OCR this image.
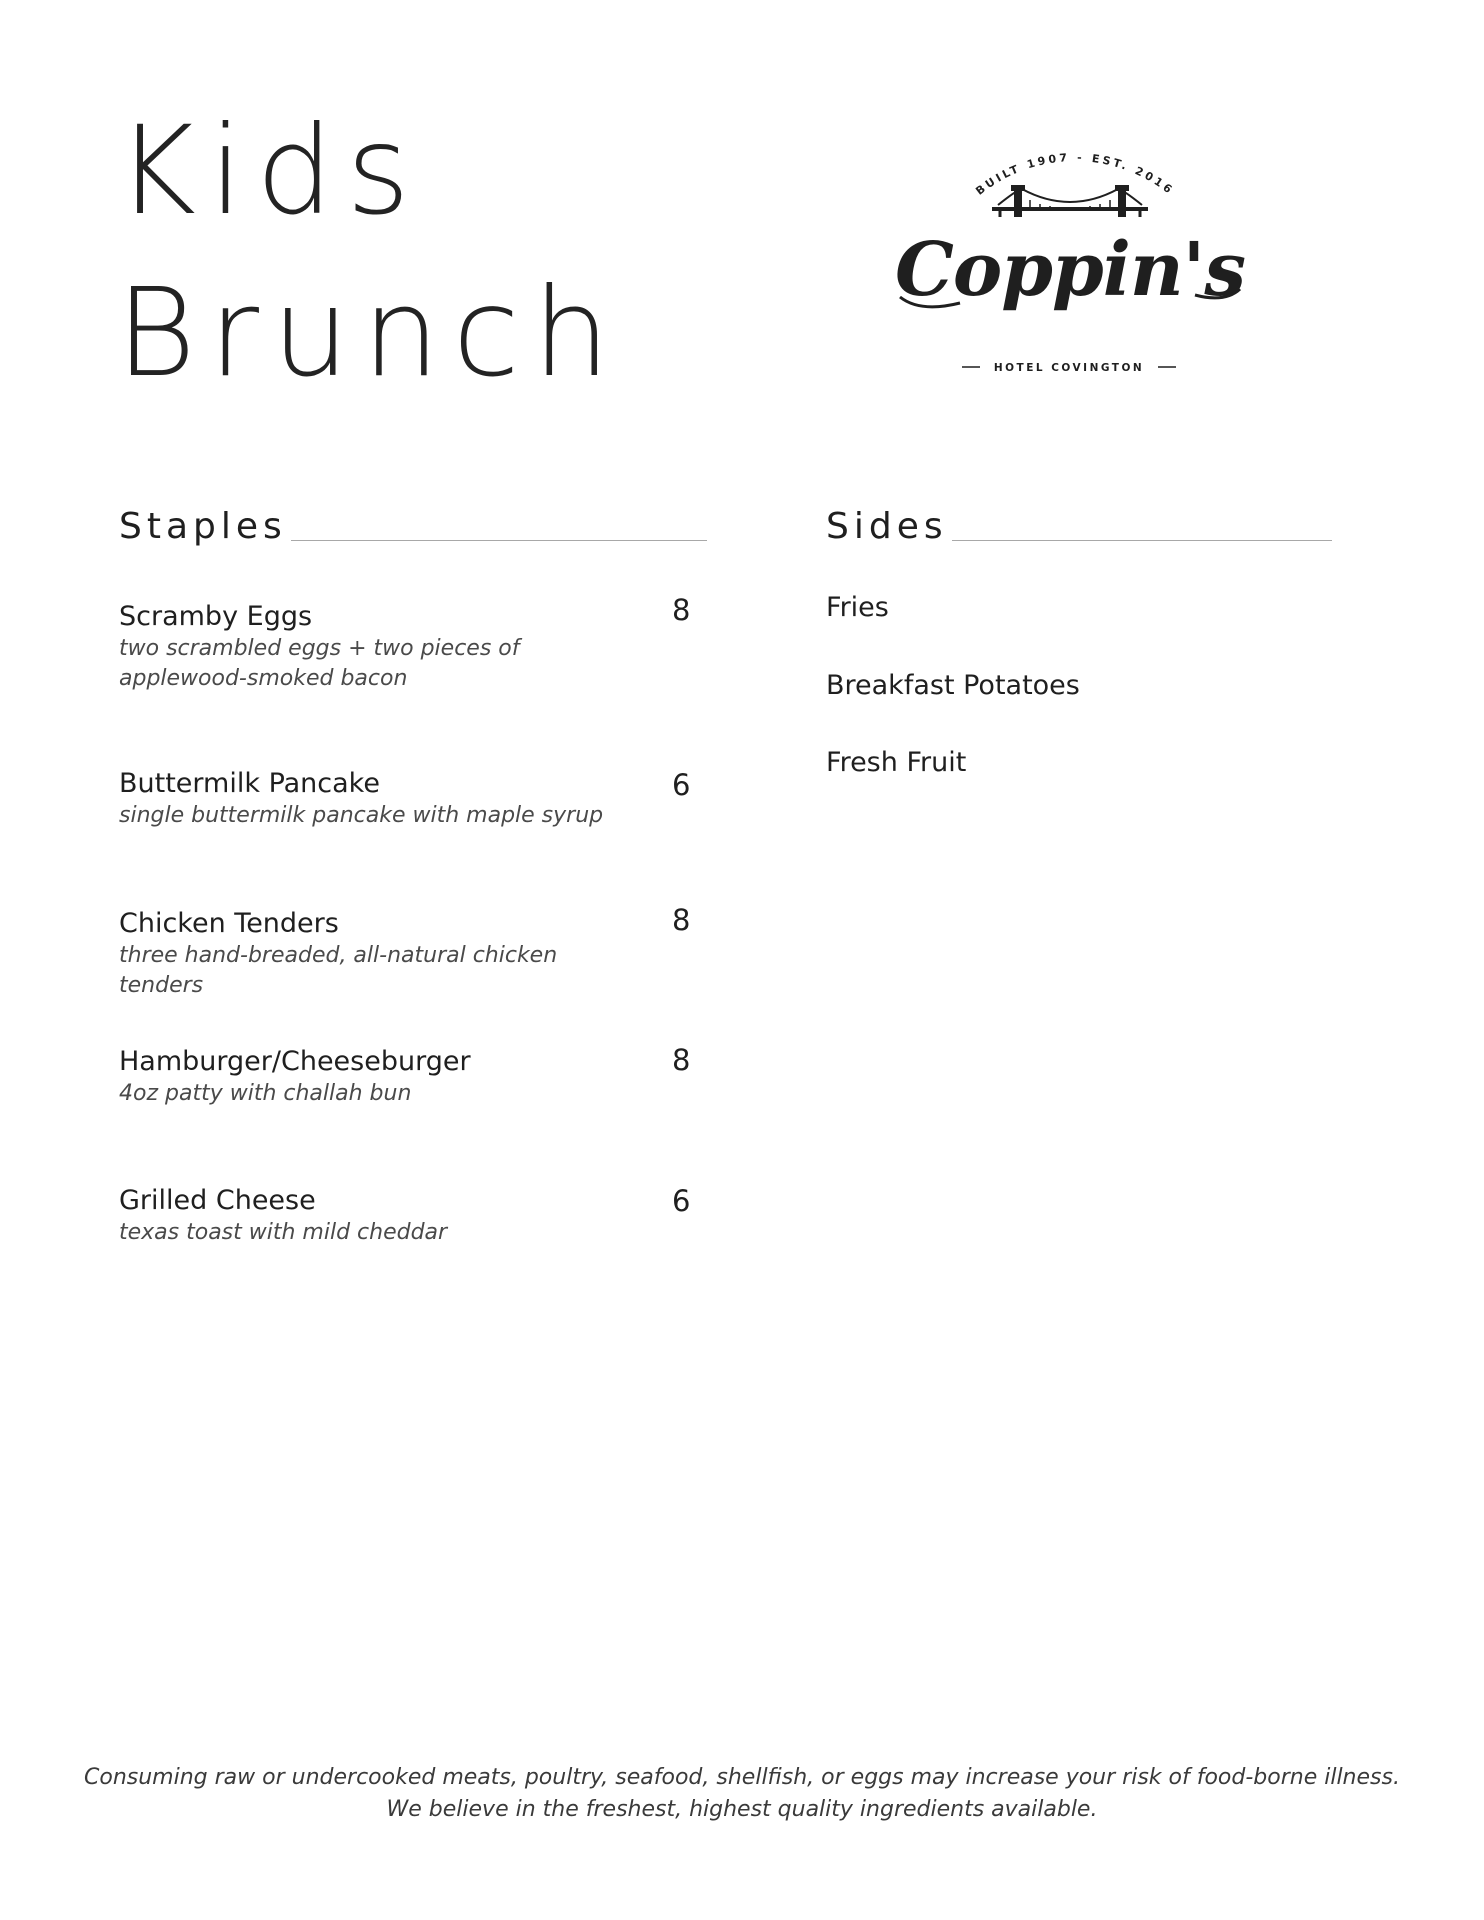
Kids
Brunch
BUILT 1907 - EST. 2016
Coppin's
HOTEL COVINGTON
Staples
Scramby Eggs
two scrambled eggs + two pieces of
applewood-smoked bacon
8
Buttermilk Pancake
single buttermilk pancake with maple syrup
6
Chicken Tenders
three hand-breaded, all-natural chicken tenders
8
Hamburger/Cheeseburger
4oz patty with challah bun
8
Grilled Cheese
texas toast with mild cheddar
6
Sides
Fries
Breakfast Potatoes
Fresh Fruit
Consuming raw or undercooked meats, poultry, seafood, shellfish, or eggs may increase your risk of food-borne illness.
We believe in the freshest, highest quality ingredients available.
